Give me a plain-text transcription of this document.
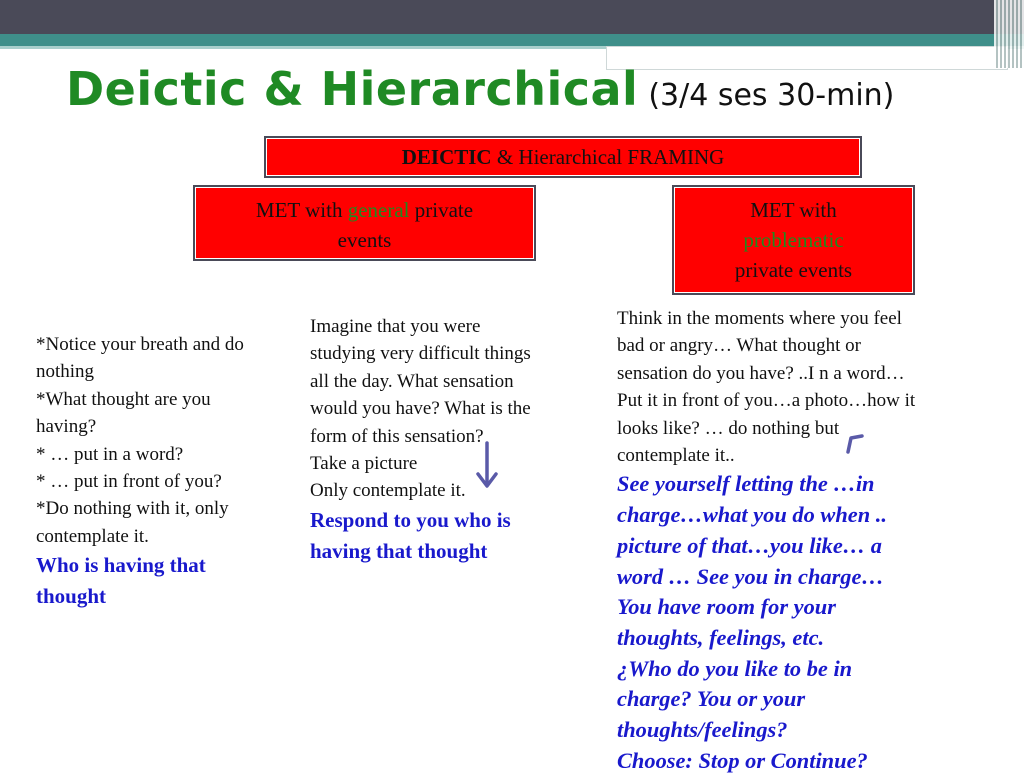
Deictic & Hierarchical (3/4 ses 30-min)
DEICTIC & Hierarchical FRAMING
MET with general private
events
MET with
problematic
private events
*Notice your breath and do
nothing
*What thought are you
having?
* … put in a word?
* … put in front of you?
*Do nothing with it, only
contemplate it.
Who is having that
thought
Imagine that you were
studying very difficult things
all the day. What sensation
would you have? What is the
form of this sensation?
Take a picture
Only contemplate it.
Respond to you who is
having that thought
Think in the moments where you feel
bad or angry… What thought or
sensation do you have? ..I n a word…
Put it in front of you…a photo…how it
looks like? … do nothing but
contemplate it..
See yourself letting the …in
charge…what you do when ..
picture of that…you like… a
word … See you in charge…
You have room for your
thoughts, feelings, etc.
¿Who do you like to be in
charge? You or your
thoughts/feelings?
Choose: Stop or Continue?
